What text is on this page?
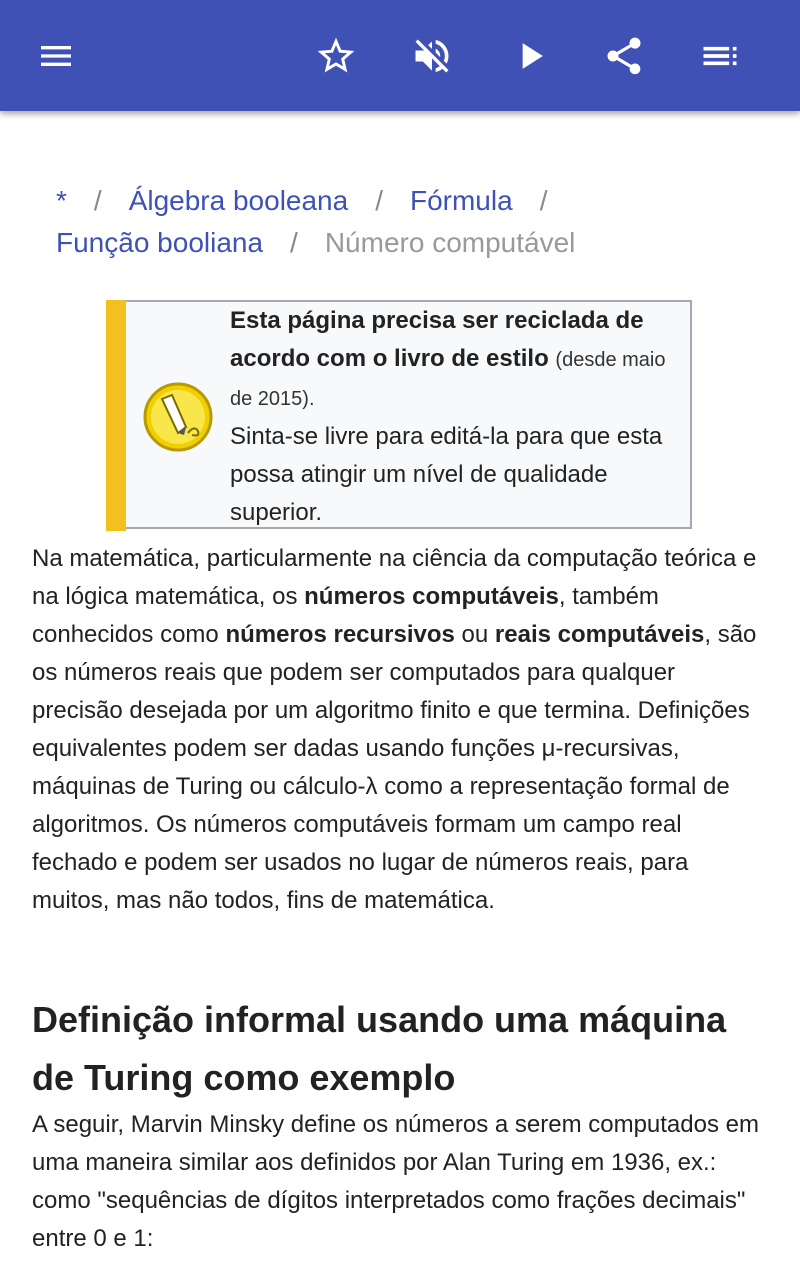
* / Álgebra booleana / Fórmula /
Função booliana / Número computável
Esta página precisa ser reciclada de acordo com o livro de estilo (desde maio de 2015).
Sinta-se livre para editá-la para que esta possa atingir um nível de qualidade superior.
Na matemática, particularmente na ciência da computação teórica e na lógica matemática, os números computáveis, também conhecidos como números recursivos ou reais computáveis, são os números reais que podem ser computados para qualquer precisão desejada por um algoritmo finito e que termina. Definições equivalentes podem ser dadas usando funções μ-recursivas, máquinas de Turing ou cálculo-λ como a representação formal de algoritmos. Os números computáveis formam um campo real fechado e podem ser usados no lugar de números reais, para muitos, mas não todos, fins de matemática.
Definição informal usando uma máquina de Turing como exemplo
A seguir, Marvin Minsky define os números a serem computados em uma maneira similar aos definidos por Alan Turing em 1936, ex.: como "sequências de dígitos interpretados como frações decimais" entre 0 e 1:
